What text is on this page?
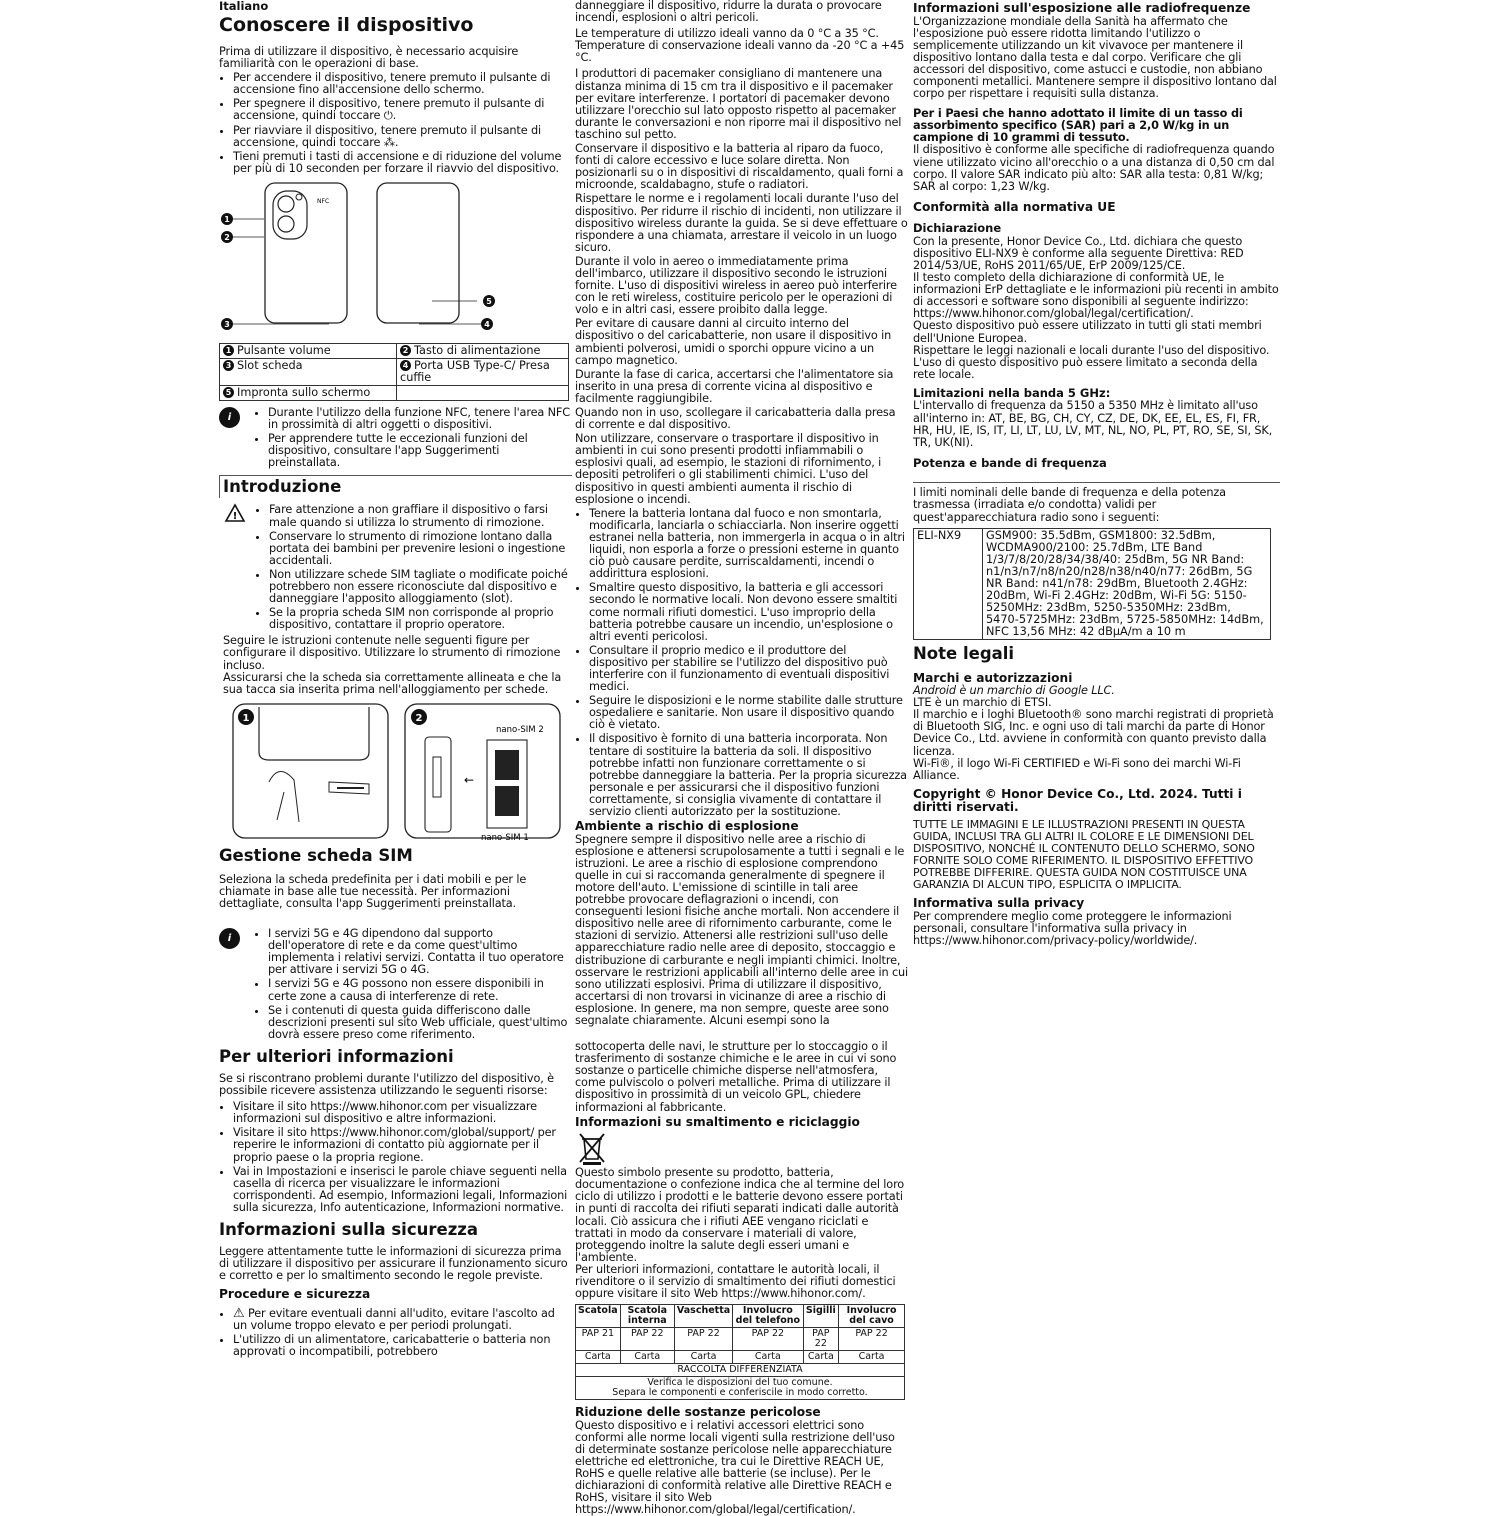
Italiano
Conoscere il dispositivo

Prima di utilizzare il dispositivo, è necessario acquisire familiarità con le operazioni di base.

• Per accendere il dispositivo, tenere premuto il pulsante di accensione fino all'accensione dello schermo.
• Per spegnere il dispositivo, tenere premuto il pulsante di accensione, quindi toccare ⏻.
• Per riavviare il dispositivo, tenere premuto il pulsante di accensione, quindi toccare ⁂.
• Tieni premuti i tasti di accensione e di riduzione del volume per più di 10 seconden per forzare il riavvio del dispositivo.
NFC
1
2
3	4
5
1 Pulsante volume	2 Tasto di alimentazione
3 Slot scheda	4 Porta USB Type-C/ Presa cuffie
5 Impronta sullo schermo	
i	• Durante l'utilizzo della funzione NFC, tenere l'area NFC in prossimità di altri oggetti o dispositivi.
• Per apprendere tutte le eccezionali funzioni del dispositivo, consultare l'app Suggerimenti preinstallata.
Introduzione
!
• Fare attenzione a non graffiare il dispositivo o farsi male quando si utilizza lo strumento di rimozione.
• Conservare lo strumento di rimozione lontano dalla portata dei bambini per prevenire lesioni o ingestione accidentali.
• Non utilizzare schede SIM tagliate o modificate poiché potrebbero non essere riconosciute dal dispositivo e danneggiare l'apposito alloggiamento (slot).
• Se la propria scheda SIM non corrisponde al proprio dispositivo, contattare il proprio operatore.

Seguire le istruzioni contenute nelle seguenti figure per configurare il dispositivo. Utilizzare lo strumento di rimozione incluso.

Assicurarsi che la scheda sia correttamente allineata e che la sua tacca sia inserita prima nell'alloggiamento per schede.

1	2
←
nano-SIM 2
nano-SIM 1
Gestione scheda SIM

Seleziona la scheda predefinita per i dati mobili e per le chiamate in base alle tue necessità. Per informazioni dettagliate, consulta l'app Suggerimenti preinstallata.

i	• I servizi 5G e 4G dipendono dal supporto dell'operatore di rete e da come quest'ultimo implementa i relativi servizi. Contatta il tuo operatore per attivare i servizi 5G o 4G.
• I servizi 5G e 4G possono non essere disponibili in certe zone a causa di interferenze di rete.
• Se i contenuti di questa guida differiscono dalle descrizioni presenti sul sito Web ufficiale, quest'ultimo dovrà essere preso come riferimento.
Per ulteriori informazioni

Se si riscontrano problemi durante l'utilizzo del dispositivo, è possibile ricevere assistenza utilizzando le seguenti risorse:

• Visitare il sito https://www.hihonor.com per visualizzare informazioni sul dispositivo e altre informazioni.
• Visitare il sito https://www.hihonor.com/global/support/ per reperire le informazioni di contatto più aggiornate per il proprio paese o la propria regione.
• Vai in Impostazioni e inserisci le parole chiave seguenti nella casella di ricerca per visualizzare le informazioni corrispondenti. Ad esempio, Informazioni legali, Informazioni sulla sicurezza, Info autenticazione, Informazioni normative.
Informazioni sulla sicurezza

Leggere attentamente tutte le informazioni di sicurezza prima di utilizzare il dispositivo per assicurare il funzionamento sicuro e corretto e per lo smaltimento secondo le regole previste.

Procedure e sicurezza
• ⚠ Per evitare eventuali danni all'udito, evitare l'ascolto ad un volume troppo elevato e per periodi prolungati.
• L'utilizzo di un alimentatore, caricabatterie o batteria non approvati o incompatibili, potrebbero

danneggiare il dispositivo, ridurre la durata o provocare incendi, esplosioni o altri pericoli.

Le temperature di utilizzo ideali vanno da 0 °C a 35 °C. Temperature di conservazione ideali vanno da -20 °C a +45 °C.

I produttori di pacemaker consigliano di mantenere una distanza minima di 15 cm tra il dispositivo e il pacemaker per evitare interferenze. I portatori di pacemaker devono utilizzare l'orecchio sul lato opposto rispetto al pacemaker durante le conversazioni e non riporre mai il dispositivo nel taschino sul petto.

Conservare il dispositivo e la batteria al riparo da fuoco, fonti di calore eccessivo e luce solare diretta. Non posizionarli su o in dispositivi di riscaldamento, quali forni a microonde, scaldabagno, stufe o radiatori.

Rispettare le norme e i regolamenti locali durante l'uso del dispositivo. Per ridurre il rischio di incidenti, non utilizzare il dispositivo wireless durante la guida. Se si deve effettuare o rispondere a una chiamata, arrestare il veicolo in un luogo sicuro.

Durante il volo in aereo o immediatamente prima dell'imbarco, utilizzare il dispositivo secondo le istruzioni fornite. L'uso di dispositivi wireless in aereo può interferire con le reti wireless, costituire pericolo per le operazioni di volo e in altri casi, essere proibito dalla legge.

Per evitare di causare danni al circuito interno del dispositivo o del caricabatterie, non usare il dispositivo in ambienti polverosi, umidi o sporchi oppure vicino a un campo magnetico.

Durante la fase di carica, accertarsi che l'alimentatore sia inserito in una presa di corrente vicina al dispositivo e facilmente raggiungibile.

Quando non in uso, scollegare il caricabatteria dalla presa di corrente e dal dispositivo.

Non utilizzare, conservare o trasportare il dispositivo in ambienti in cui sono presenti prodotti infiammabili o esplosivi quali, ad esempio, le stazioni di rifornimento, i depositi petroliferi o gli stabilimenti chimici. L'uso del dispositivo in questi ambienti aumenta il rischio di esplosione o incendi.

• Tenere la batteria lontana dal fuoco e non smontarla, modificarla, lanciarla o schiacciarla. Non inserire oggetti estranei nella batteria, non immergerla in acqua o in altri liquidi, non esporla a forze o pressioni esterne in quanto ciò può causare perdite, surriscaldamenti, incendi o addirittura esplosioni.
• Smaltire questo dispositivo, la batteria e gli accessori secondo le normative locali. Non devono essere smaltiti come normali rifiuti domestici. L'uso improprio della batteria potrebbe causare un incendio, un'esplosione o altri eventi pericolosi.
• Consultare il proprio medico e il produttore del dispositivo per stabilire se l'utilizzo del dispositivo può interferire con il funzionamento di eventuali dispositivi medici.
• Seguire le disposizioni e le norme stabilite dalle strutture ospedaliere e sanitarie. Non usare il dispositivo quando ciò è vietato.
• Il dispositivo è fornito di una batteria incorporata. Non tentare di sostituire la batteria da soli. Il dispositivo potrebbe infatti non funzionare correttamente o si potrebbe danneggiare la batteria. Per la propria sicurezza personale e per assicurarsi che il dispositivo funzioni correttamente, si consiglia vivamente di contattare il servizio clienti autorizzato per la sostituzione.
Ambiente a rischio di esplosione

Spegnere sempre il dispositivo nelle aree a rischio di esplosione e attenersi scrupolosamente a tutti i segnali e le istruzioni. Le aree a rischio di esplosione comprendono quelle in cui si raccomanda generalmente di spegnere il motore dell'auto. L'emissione di scintille in tali aree potrebbe provocare deflagrazioni o incendi, con conseguenti lesioni fisiche anche mortali. Non accendere il dispositivo nelle aree di rifornimento carburante, come le stazioni di servizio. Attenersi alle restrizioni sull'uso delle apparecchiature radio nelle aree di deposito, stoccaggio e distribuzione di carburante e negli impianti chimici. Inoltre, osservare le restrizioni applicabili all'interno delle aree in cui sono utilizzati esplosivi. Prima di utilizzare il dispositivo, accertarsi di non trovarsi in vicinanze di aree a rischio di esplosione. In genere, ma non sempre, queste aree sono segnalate chiaramente. Alcuni esempi sono la

sottocoperta delle navi, le strutture per lo stoccaggio o il trasferimento di sostanze chimiche e le aree in cui vi sono sostanze o particelle chimiche disperse nell'atmosfera, come pulviscolo o polveri metalliche. Prima di utilizzare il dispositivo in prossimità di un veicolo GPL, chiedere informazioni al fabbricante.

Informazioni su smaltimento e riciclaggio

Questo simbolo presente su prodotto, batteria, documentazione o confezione indica che al termine del loro ciclo di utilizzo i prodotti e le batterie devono essere portati in punti di raccolta dei rifiuti separati indicati dalle autorità locali. Ciò assicura che i rifiuti AEE vengano riciclati e trattati in modo da conservare i materiali di valore, proteggendo inoltre la salute degli esseri umani e l'ambiente.

Per ulteriori informazioni, contattare le autorità locali, il rivenditore o il servizio di smaltimento dei rifiuti domestici oppure visitare il sito Web https://www.hihonor.com/.

Scatola	Scatola interna	Vaschetta	Involucro del telefono	Sigilli	Involucro del cavo
PAP 21	PAP 22	PAP 22	PAP 22	PAP 22	PAP 22
Carta	Carta	Carta	Carta	Carta	Carta
RACCOLTA DIFFERENZIATA					
Verifica le disposizioni del tuo comune.
Separa le componenti e conferiscile in modo corretto.					
Riduzione delle sostanze pericolose

Questo dispositivo e i relativi accessori elettrici sono conformi alle norme locali vigenti sulla restrizione dell'uso di determinate sostanze pericolose nelle apparecchiature elettriche ed elettroniche, tra cui le Direttive REACH UE, RoHS e quelle relative alle batterie (se incluse). Per le dichiarazioni di conformità relative alle Direttive REACH e RoHS, visitare il sito Web https://www.hihonor.com/global/legal/certification/.

Informazioni sull'esposizione alle radiofrequenze

L'Organizzazione mondiale della Sanità ha affermato che l'esposizione può essere ridotta limitando l'utilizzo o semplicemente utilizzando un kit vivavoce per mantenere il dispositivo lontano dalla testa e dal corpo. Verificare che gli accessori del dispositivo, come astucci e custodie, non abbiano componenti metallici. Mantenere sempre il dispositivo lontano dal corpo per rispettare i requisiti sulla distanza.

Per i Paesi che hanno adottato il limite di un tasso di assorbimento specifico (SAR) pari a 2,0 W/kg in un campione di 10 grammi di tessuto.

Il dispositivo è conforme alle specifiche di radiofrequenza quando viene utilizzato vicino all'orecchio o a una distanza di 0,50 cm dal corpo. Il valore SAR indicato più alto: SAR alla testa: 0,81 W/kg; SAR al corpo: 1,23 W/kg.

Conformità alla normativa UE
Dichiarazione

Con la presente, Honor Device Co., Ltd. dichiara che questo dispositivo ELI-NX9 è conforme alla seguente Direttiva: RED 2014/53/UE, RoHS 2011/65/UE, ErP 2009/125/CE.

Il testo completo della dichiarazione di conformità UE, le informazioni ErP dettagliate e le informazioni più recenti in ambito di accessori e software sono disponibili al seguente indirizzo: https://www.hihonor.com/global/legal/certification/.

Questo dispositivo può essere utilizzato in tutti gli stati membri dell'Unione Europea.

Rispettare le leggi nazionali e locali durante l'uso del dispositivo.

L'uso di questo dispositivo può essere limitato a seconda della rete locale.

Limitazioni nella banda 5 GHz:

L'intervallo di frequenza da 5150 a 5350 MHz è limitato all'uso all'interno in: AT, BE, BG, CH, CY, CZ, DE, DK, EE, EL, ES, FI, FR, HR, HU, IE, IS, IT, LI, LT, LU, LV, MT, NL, NO, PL, PT, RO, SE, SI, SK, TR, UK(NI).

Potenza e bande di frequenza

I limiti nominali delle bande di frequenza e della potenza trasmessa (irradiata e/o condotta) validi per quest'apparecchiatura radio sono i seguenti:

ELI-NX9	GSM900: 35.5dBm, GSM1800: 32.5dBm, WCDMA900/2100: 25.7dBm, LTE Band 1/3/7/8/20/28/34/38/40: 25dBm, 5G NR Band: n1/n3/n7/n8/n20/n28/n38/n40/n77: 26dBm, 5G NR Band: n41/n78: 29dBm, Bluetooth 2.4GHz: 20dBm, Wi-Fi 2.4GHz: 20dBm, Wi-Fi 5G: 5150-5250MHz: 23dBm, 5250-5350MHz: 23dBm, 5470-5725MHz: 23dBm, 5725-5850MHz: 14dBm, NFC 13,56 MHz: 42 dBµA/m a 10 m
Note legali
Marchi e autorizzazioni

Android è un marchio di Google LLC.

LTE è un marchio di ETSI.

Il marchio e i loghi Bluetooth® sono marchi registrati di proprietà di Bluetooth SIG, Inc. e ogni uso di tali marchi da parte di Honor Device Co., Ltd. avviene in conformità con quanto previsto dalla licenza.

Wi-Fi®, il logo Wi-Fi CERTIFIED e Wi-Fi sono dei marchi Wi-Fi Alliance.

Copyright © Honor Device Co., Ltd. 2024. Tutti i diritti riservati.

TUTTE LE IMMAGINI E LE ILLUSTRAZIONI PRESENTI IN QUESTA GUIDA, INCLUSI TRA GLI ALTRI IL COLORE E LE DIMENSIONI DEL DISPOSITIVO, NONCHÉ IL CONTENUTO DELLO SCHERMO, SONO FORNITE SOLO COME RIFERIMENTO. IL DISPOSITIVO EFFETTIVO POTREBBE DIFFERIRE. QUESTA GUIDA NON COSTITUISCE UNA GARANZIA DI ALCUN TIPO, ESPLICITA O IMPLICITA.

Informativa sulla privacy

Per comprendere meglio come proteggere le informazioni personali, consultare l'informativa sulla privacy in https://www.hihonor.com/privacy-policy/worldwide/.
